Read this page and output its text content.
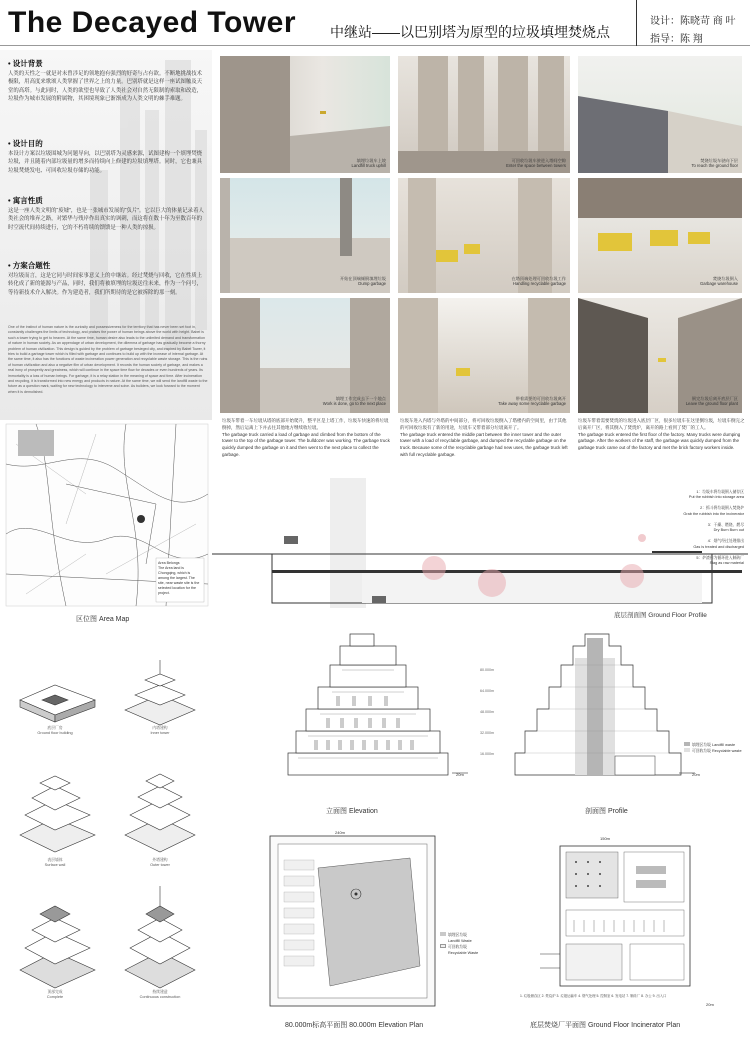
The Decayed Tower 中继站——以巴别塔为原型的垃圾填埋焚烧点
设计：陈晓苛 商 叶
指导：陈 翔
• 设计背景
人类的天性之一就是对未曾涉足的领地抱有强烈的好奇与占有欲。不断地挑战技术极限，用高度来歌颂人类掌握了世界之上的力量。巴别塔就是这样一座试图触及天堂的高塔。与此同时，人类的欲望也导致了人类社会对自然无限制的索取和改造，垃圾作为城市发展的附属物，其困境现象已渐渐成为人类文明的棘手难题。
• 设计目的
本设计方案以垃圾围城为问题导向，以巴别塔为灵感来源，试图建构一个填埋焚烧垃圾，并且随着内部垃圾量的增多而持续向上修建的垃圾填埋塔。同时，它也兼具垃圾焚烧发电、可回收垃圾存储的功能。
• 寓言性质
这是一座人类文明的“废墟”，也是一张城市发展的“负片”。它以巨大的体量记录着人类社会的堆弃之路，对繁华与残岸作出真实的讽刺，而这将在数十年为至数百年的时空流代间持续进行，它的不朽将续的馈馈是一种人类的掠损。
• 方案合题性
对垃圾而言，这是它同与时间家事意义上的中继站。经过焚烧与回收，它在性质上转化成了新的能源与产品，同时，我们将被填埋的垃圾送往未来，作为一个问号，等待新技术介入解决。作为建造者，我们所期待的是它被拆除的那一刻。
One of the instinct of human nature is the curiosity and possessiveness for the territory that has never been set foot in, constantly challenges the limits of technology, and praises the power of human beings above the world with height. Babel is such a tower trying to get to heaven. At the same time, human desire also leads to the unlimited demand and transformation of nature in human society. As an appendage of urban development, the dilemma of garbage has gradually become a thorny problem of human civilization. This design is guided by the problem of garbage besieged city, and inspired by Babel Tower, it tries to build a garbage tower which is filled with garbage and continues to build up with the increase of internal garbage. At the same time, it also has the functions of waste incineration power generation and recyclable waste storage. This is the ruins of human civilization and also a negative film of urban development. It records the human society of garbage, and makes a real irony of prosperity and greatness, which will continue in the space time flow for decades or even hundreds of years. Its immortality is a loss of human beings. For garbage, it is a relay station in the meaning of space and time. After incineration and recycling, it is transformed into new energy and products in nature. At the same time, we will send the landfill waste to the future as a question mark, waiting for new technology to intervene and solve. As builders, we look forward to the moment when it is demolished.
填埋垃圾车上坡
Landfill truck uphill
可回收垃圾车驶进入塔间空隙
Enter the space between towers
焚烧垃圾车驶向下层
To reach the ground floor
开始在顶端倾倒填埋垃圾
Dump garbage
在塔顶端处理可回收垃圾工作
Handling recyclable garbage
焚烧垃圾倒入
Garbage warehouse
填埋工作完成去下一个地点
Work is done, go to the next place
带着需要的可回收垃圾离开
Take away some recyclable garbage
倒完垃圾后离开底层厂区
Leave the ground floor plant
垃圾车带着一车垃圾从塔的底部开始爬升，整平区是上塔工作，垃圾车快速的将垃圾倒掉，然后运离上下并去往其他地方继续收垃圾。
The garbage truck carried a load of garbage and climbed from the bottom of the tower to the top of the garbage tower. The bulldozer was working. The garbage truck quickly dumped the garbage on it and then went to the next place to collect the garbage.
垃圾车进入内塔与外塔的中间部分，将可回收垃圾倒入了塔楼内的空间里，由于其他的可回收垃圾有了新的用途，垃圾车又带着部分垃圾离开了。
The garbage truck entered the middle part between the inner tower and the outer tower with a load of recyclable garbage, and dumped the recyclable garbage on the truck. Because some of the recyclable garbage had new uses, the garbage truck left with full recyclable garbage.
垃圾车带着需要焚烧的垃圾进入底层厂区，很多垃圾车在这里倒垃圾，垃圾车倒完之后离开厂区，将其倒入了焚烧炉，离开的路上看到了焚厂的工人。
The garbage truck entered the first floor of the factory. Many trucks were dumping garbage. After the workers of the staff, the garbage was quickly dumped from the garbage truck came out of the factory and met the brick factory workers inside.
Area Belongs
The Area land is Chongqing, which is among the largest. The site, near waste site is the selected location for the project.
区位图 Area Map

1：垃圾车将垃圾倒入储存区
Put the rubbish into storage area

2：抓斗将垃圾倒入焚烧炉
Grab the rubbish into the incinerator

3：干燥、燃烧、燃尽
Dry Burn Burn out

4：烟气经过处理排出
Gas is treated and discharged

5：炉渣作为循环进入制砖厂
Slag as raw material

底层剖面图 Ground Floor Profile
底层厂房
Ground floor building
内塔建构
Inner tower
表层墙体
Surface wall
外塔建构
Outer tower
顶部完成
Complete
持续建造
Continuous construction
20m
立面图 Elevation
80.000m
64.000m
48.000m
32.000m
16.000m
填埋区垃圾 Landfill waste
可回收垃圾 Recyclable waste
20m
剖面图 Profile
240m
填埋区垃圾
Landfill Waste
可回收垃圾
Recyclable Waste
80.000m标高平面图 80.000m Elevation Plan
150m
1. 垃圾储存区 2. 焚烧炉 3. 垃圾运输车 4. 烟气处理 5. 控制室 6. 发电站 7. 制砖厂 8. 办公 9. 出入口
20m
底层焚烧厂平面图 Ground Floor Incinerator Plan
